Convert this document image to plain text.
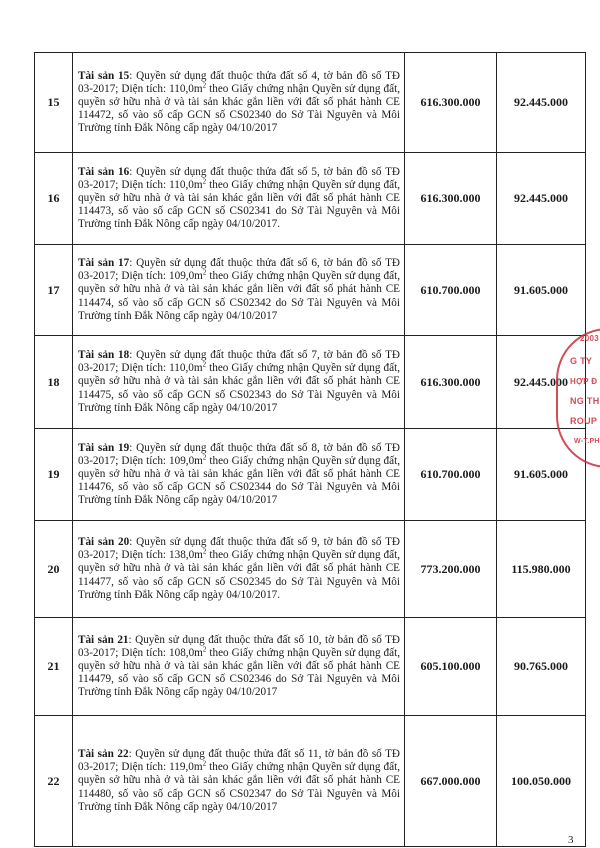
15	Tài sản 15: Quyền sử dụng đất thuộc thửa đất số 4, tờ bản đồ số TĐ 03-2017; Diện tích: $110,0m^2$ theo Giấy chứng nhận Quyền sử dụng đất, quyền sở hữu nhà ở và tài sản khác gắn liền với đất số phát hành CE 114472, số vào số cấp GCN số CS02340 do Sở Tài Nguyên và Môi Trường tỉnh Đắk Nông cấp ngày 04/10/2017	616.300.000	92.445.000
16	Tài sản 16: Quyền sử dụng đất thuộc thửa đất số 5, tờ bản đồ số TĐ 03-2017; Diện tích: $110,0m^2$ theo Giấy chứng nhận Quyền sử dụng đất, quyền sở hữu nhà ở và tài sản khác gắn liền với đất số phát hành CE 114473, số vào số cấp GCN số CS02341 do Sở Tài Nguyên và Môi Trường tỉnh Đắk Nông cấp ngày 04/10/2017.	616.300.000	92.445.000
17	Tài sản 17: Quyền sử dụng đất thuộc thửa đất số 6, tờ bản đồ số TĐ 03-2017; Diện tích: $109,0m^2$ theo Giấy chứng nhận Quyền sử dụng đất, quyền sở hữu nhà ở và tài sản khác gắn liền với đất số phát hành CE 114474, số vào số cấp GCN số CS02342 do Sở Tài Nguyên và Môi Trường tỉnh Đắk Nông cấp ngày 04/10/2017	610.700.000	91.605.000
18	Tài sản 18: Quyền sử dụng đất thuộc thửa đất số 7, tờ bản đồ số TĐ 03-2017; Diện tích: $110,0m^2$ theo Giấy chứng nhận Quyền sử dụng đất, quyền sở hữu nhà ở và tài sản khác gắn liền với đất số phát hành CE 114475, số vào số cấp GCN số CS02343 do Sở Tài Nguyên và Môi Trường tỉnh Đắk Nông cấp ngày 04/10/2017	616.300.000	92.445.000
19	Tài sản 19: Quyền sử dụng đất thuộc thửa đất số 8, tờ bản đồ số TĐ 03-2017; Diện tích: $109,0m^2$ theo Giấy chứng nhận Quyền sử dụng đất, quyền sở hữu nhà ở và tài sản khác gắn liền với đất số phát hành CE 114476, số vào số cấp GCN số CS02344 do Sở Tài Nguyên và Môi Trường tỉnh Đắk Nông cấp ngày 04/10/2017	610.700.000	91.605.000
20	Tài sản 20: Quyền sử dụng đất thuộc thửa đất số 9, tờ bản đồ số TĐ 03-2017; Diện tích: $138,0m^2$ theo Giấy chứng nhận Quyền sử dụng đất, quyền sở hữu nhà ở và tài sản khác gắn liền với đất số phát hành CE 114477, số vào số cấp GCN số CS02345 do Sở Tài Nguyên và Môi Trường tỉnh Đắk Nông cấp ngày 04/10/2017.	773.200.000	115.980.000
21	Tài sản 21: Quyền sử dụng đất thuộc thửa đất số 10, tờ bản đồ số TĐ 03-2017; Diện tích: $108,0m^2$ theo Giấy chứng nhận Quyền sử dụng đất, quyền sở hữu nhà ở và tài sản khác gắn liền với đất số phát hành CE 114479, số vào số cấp GCN số CS02346 do Sở Tài Nguyên và Môi Trường tỉnh Đắk Nông cấp ngày 04/10/2017	605.100.000	90.765.000
22	Tài sản 22: Quyền sử dụng đất thuộc thửa đất số 11, tờ bản đồ số TĐ 03-2017; Diện tích: $119,0m^2$ theo Giấy chứng nhận Quyền sử dụng đất, quyền sở hữu nhà ở và tài sản khác gắn liền với đất số phát hành CE 114480, số vào số cấp GCN số CS02347 do Sở Tài Nguyên và Môi Trường tỉnh Đắk Nông cấp ngày 04/10/2017	667.000.000	100.050.000
2003
G TY
HỢP Đ
NG TH
ROUP
W-T.PH
3
